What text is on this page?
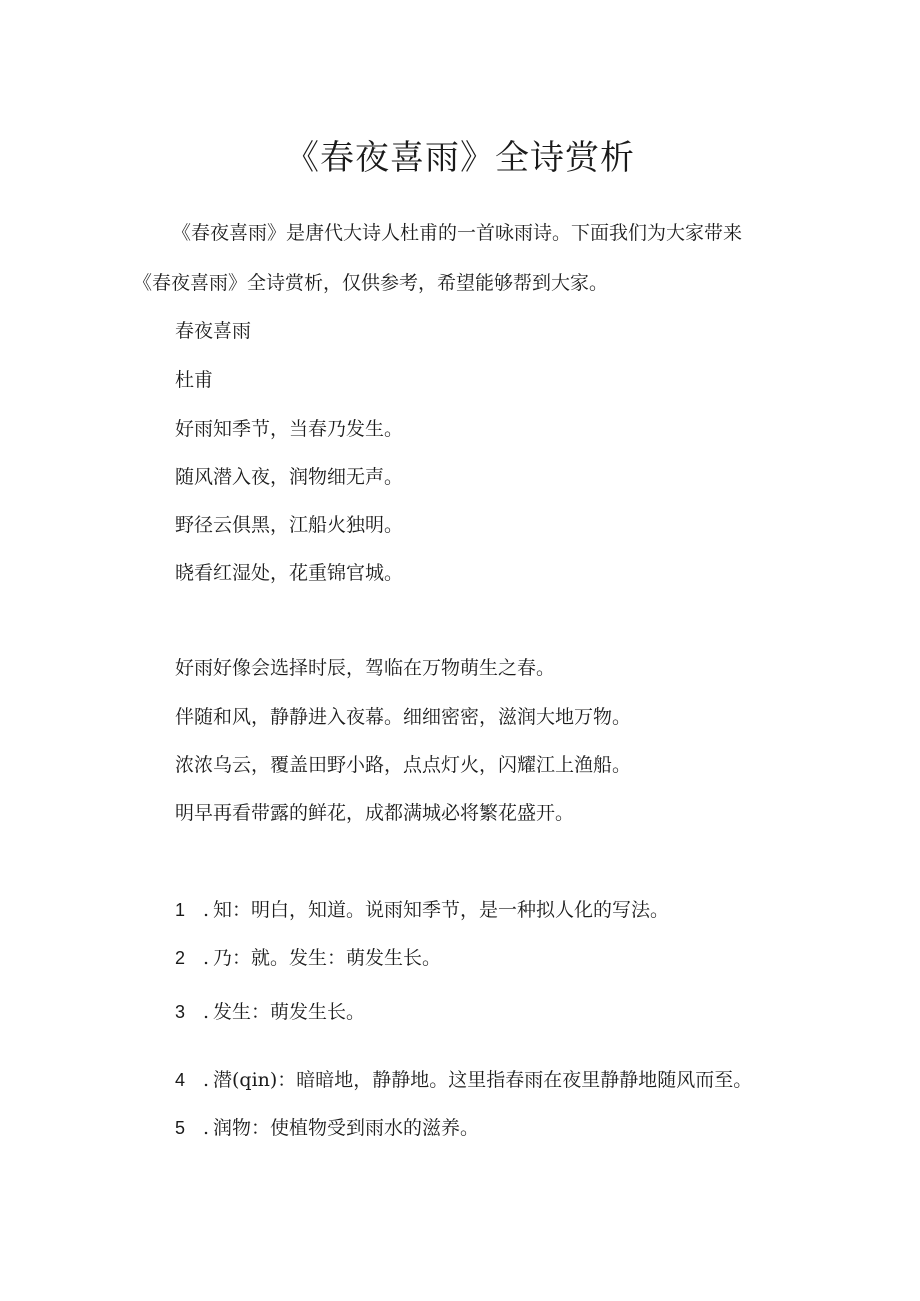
《春夜喜雨》全诗赏析
《春夜喜雨》是唐代大诗人杜甫的一首咏雨诗。下面我们为大家带来
《春夜喜雨》全诗赏析，仅供参考，希望能够帮到大家。
春夜喜雨
杜甫
好雨知季节，当春乃发生。
随风潜入夜，润物细无声。
野径云俱黑，江船火独明。
晓看红湿处，花重锦官城。
好雨好像会选择时辰，驾临在万物萌生之春。
伴随和风，静静进入夜幕。细细密密，滋润大地万物。
浓浓乌云，覆盖田野小路，点点灯火，闪耀江上渔船。
明早再看带露的鲜花，成都满城必将繁花盛开。
1 . 知：明白，知道。说雨知季节，是一种拟人化的写法。
2 . 乃：就。发生：萌发生长。
3 . 发生：萌发生长。
4 . 潜(qin)：暗暗地，静静地。这里指春雨在夜里静静地随风而至。
5 . 润物：使植物受到雨水的滋养。
